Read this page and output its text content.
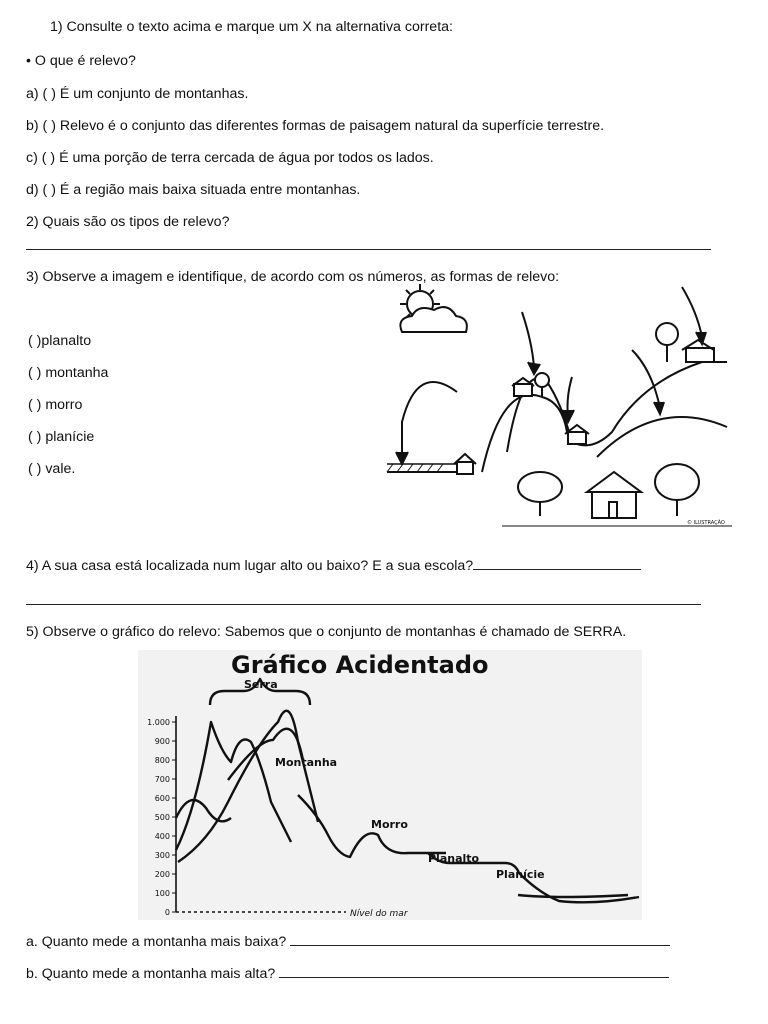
1) Consulte o texto acima e marque um X na alternativa correta:
• O que é relevo?
a) ( ) É um conjunto de montanhas.
b) ( ) Relevo é o conjunto das diferentes formas de paisagem natural da superfície terrestre.
c) ( ) É uma porção de terra cercada de água por todos os lados.
d) ( ) É a região mais baixa situada entre montanhas.
2) Quais são os tipos de relevo?
3) Observe a imagem e identifique, de acordo com os números, as formas de relevo:
( )planalto
( ) montanha
( ) morro
( ) planície
( ) vale.
© ILUSTRAÇÃO
4) A sua casa está localizada num lugar alto ou baixo? E a sua escola?
5) Observe o gráfico do relevo: Sabemos que o conjunto de montanhas é chamado de SERRA.
Gráfico Acidentado
0
100
200
300
400
500
600
700
800
900
1.000
Serra
Montanha
Morro
Planalto
Planície
Nível do mar
a. Quanto mede a montanha mais baixa?
b. Quanto mede a montanha mais alta?
